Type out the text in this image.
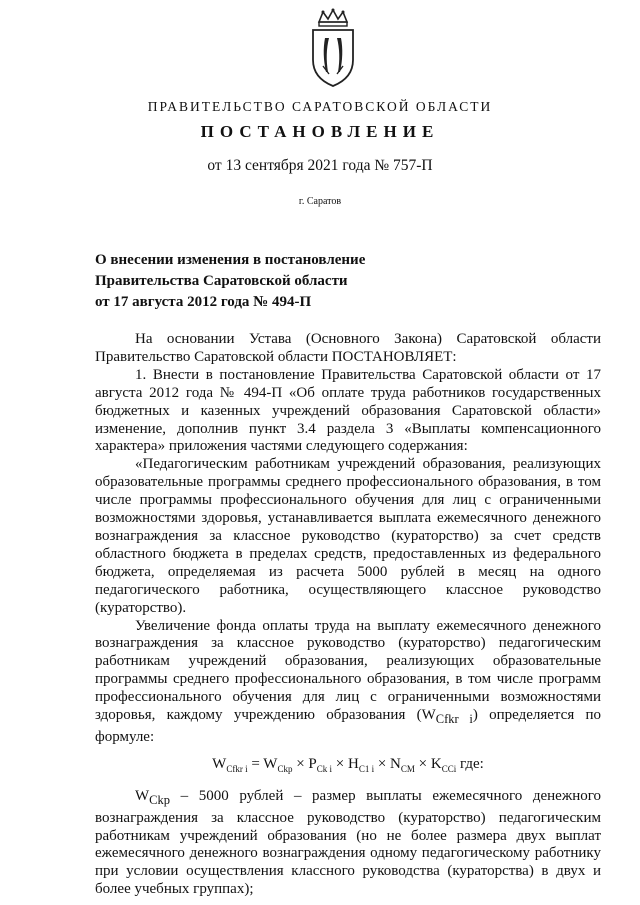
ПРАВИТЕЛЬСТВО САРАТОВСКОЙ ОБЛАСТИ
ПОСТАНОВЛЕНИЕ
от 13 сентября 2021 года № 757-П
г. Саратов
О внесении изменения в постановление
Правительства Саратовской области
от 17 августа 2012 года № 494-П

На основании Устава (Основного Закона) Саратовской области Правительство Саратовской области ПОСТАНОВЛЯЕТ:

1. Внести в постановление Правительства Саратовской области от 17 августа 2012 года № 494-П «Об оплате труда работников государственных бюджетных и казенных учреждений образования Саратовской области» изменение, дополнив пункт 3.4 раздела 3 «Выплаты компенсационного характера» приложения частями следующего содержания:

«Педагогическим работникам учреждений образования, реализующих образовательные программы среднего профессионального образования, в том числе программы профессионального обучения для лиц с ограниченными возможностями здоровья, устанавливается выплата ежемесячного денежного вознаграждения за классное руководство (кураторство) за счет средств областного бюджета в пределах средств, предоставленных из федерального бюджета, определяемая из расчета 5000 рублей в месяц на одного педагогического работника, осуществляющего классное руководство (кураторство).

Увеличение фонда оплаты труда на выплату ежемесячного денежного вознаграждения за классное руководство (кураторство) педагогическим работникам учреждений образования, реализующих образовательные программы среднего профессионального образования, в том числе программ профессионального обучения для лиц с ограниченными возможностями здоровья, каждому учреждению образования $(W_{Cfkr i})$ определяется по формуле:

$W_{Cfkr i} = W_{Ckp} \times P_{Ck i} \times H_{C1 i} \times N_{CM} \times K_{CCi}$ где:

$W_{Ckp} - 5000$ рублей – размер выплаты ежемесячного денежного вознаграждения за классное руководство (кураторство) педагогическим работникам учреждений образования (но не более размера двух выплат ежемесячного денежного вознаграждения одному педагогическому работнику при условии осуществления классного руководства (кураторства) в двух и более учебных группах);
